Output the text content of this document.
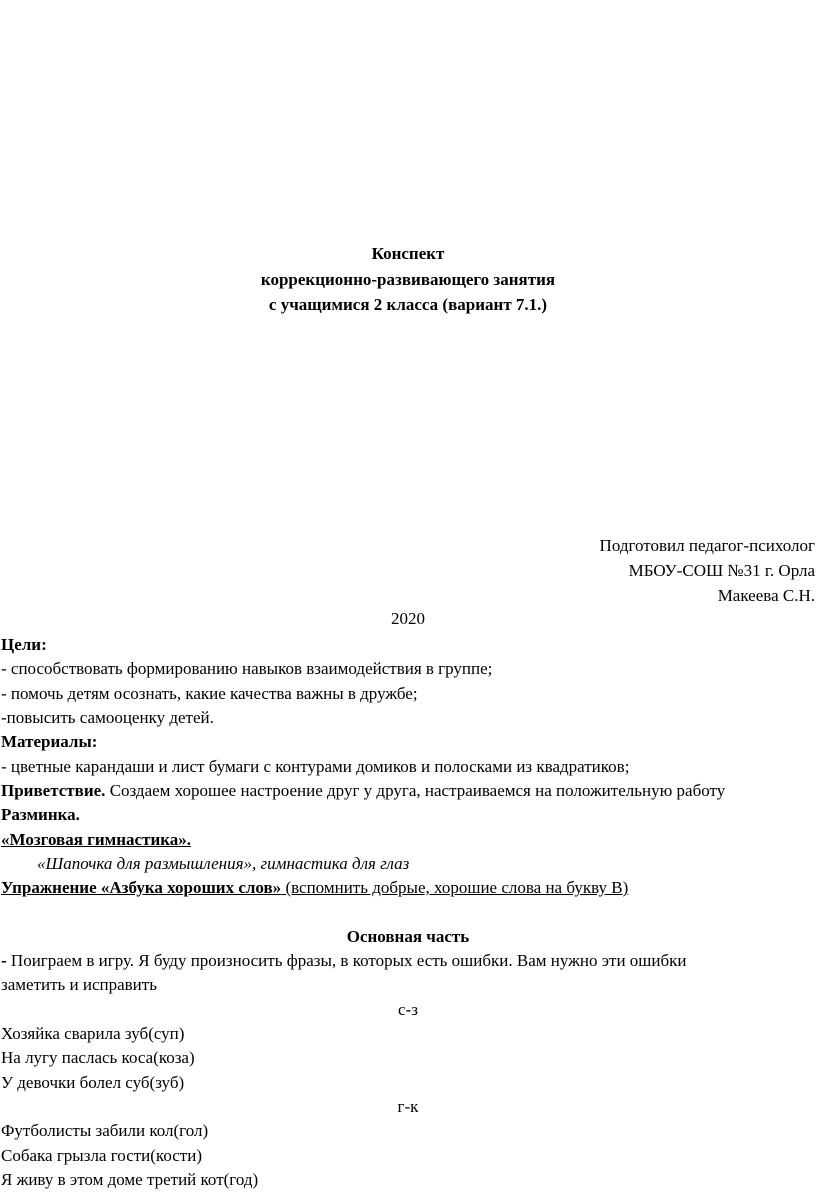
Конспект
коррекционно-развивающего занятия
с учащимися 2 класса (вариант 7.1.)
Подготовил педагог-психолог
МБОУ-СОШ №31 г. Орла
Макеева С.Н.
2020
Цели:
- способствовать формированию навыков взаимодействия в группе;
- помочь детям осознать, какие качества важны в дружбе;
-повысить самооценку детей.
Материалы:
- цветные карандаши и лист бумаги с контурами домиков и полосками из квадратиков;
Приветствие. Создаем хорошее настроение друг у друга, настраиваемся на положительную работу
Разминка.
«Мозговая гимнастика».
«Шапочка для размышления», гимнастика для глаз
Упражнение «Азбука хороших слов» (вспомнить добрые, хорошие слова на букву В)
Основная часть
- Поиграем в игру. Я буду произносить фразы, в которых есть ошибки. Вам нужно эти ошибки
заметить и исправить
с-з
Хозяйка сварила зуб(суп)
На лугу паслась коса(коза)
У девочки болел суб(зуб)
г-к
Футболисты забили кол(гол)
Собака грызла гости(кости)
Я живу в этом доме третий кот(год)
